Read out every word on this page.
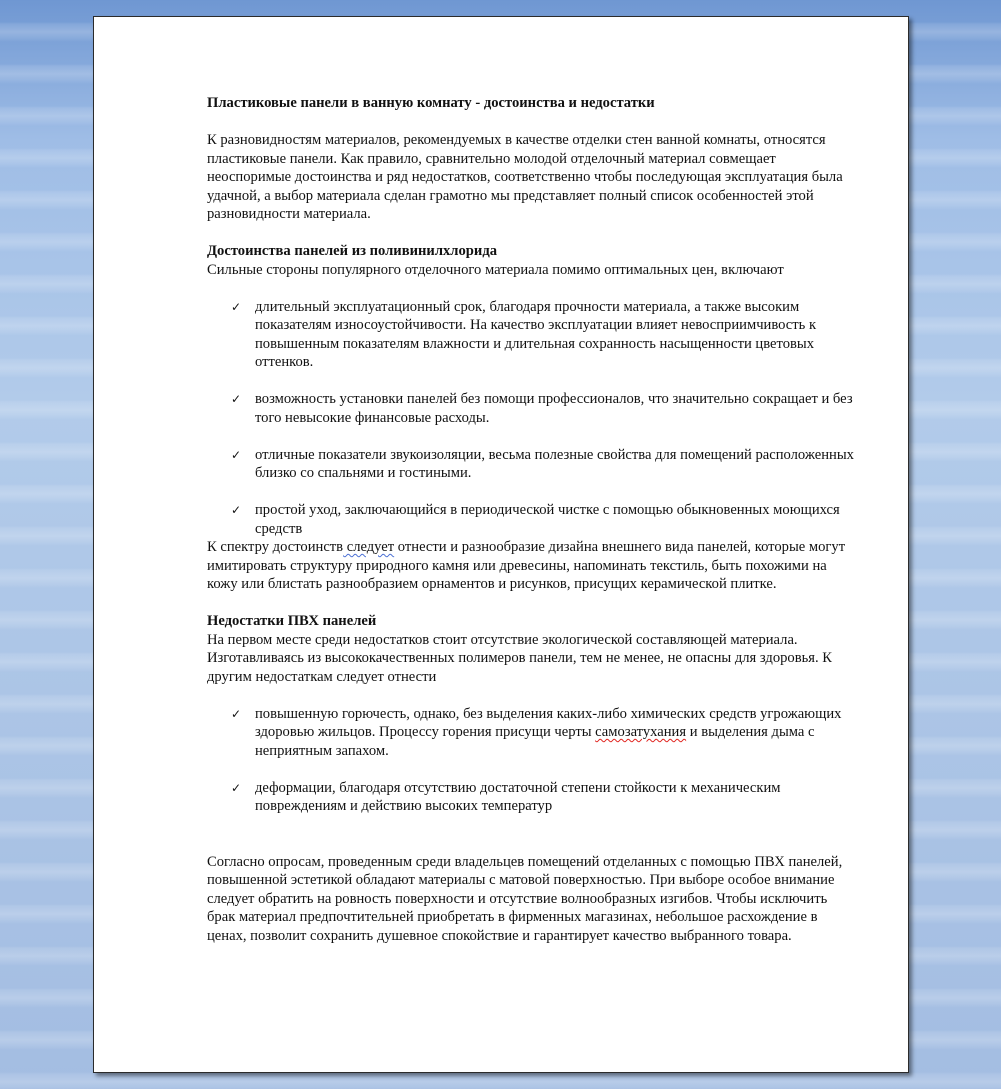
Пластиковые панели в ванную комнату - достоинства и недостатки

К разновидностям материалов, рекомендуемых в качестве отделки стен ванной комнаты, относятся пластиковые панели. Как правило, сравнительно молодой отделочный материал совмещает неоспоримые достоинства и ряд недостатков, соответственно чтобы последующая эксплуатация была удачной, а выбор материала сделан грамотно мы представляет полный список особенностей этой разновидности материала.

Достоинства панелей из поливинилхлорида

Сильные стороны популярного отделочного материала помимо оптимальных цен, включают

✓ длительный эксплуатационный срок, благодаря прочности материала, а также высоким показателям износоустойчивости. На качество эксплуатации влияет невосприимчивость к повышенным показателям влажности и длительная сохранность насыщенности цветовых оттенков.
✓ возможность установки панелей без помощи профессионалов, что значительно сокращает и без того невысокие финансовые расходы.
✓ отличные показатели звукоизоляции, весьма полезные свойства для помещений расположенных близко со спальнями и гостиными.
✓ простой уход, заключающийся в периодической чистке с помощью обыкновенных моющихся средств

К спектру достоинств следует отнести и разнообразие дизайна внешнего вида панелей, которые могут имитировать структуру природного камня или древесины, напоминать текстиль, быть похожими на кожу или блистать разнообразием орнаментов и рисунков, присущих керамической плитке.

Недостатки ПВХ панелей

На первом месте среди недостатков стоит отсутствие экологической составляющей материала. Изготавливаясь из высококачественных полимеров панели, тем не менее, не опасны для здоровья. К другим недостаткам следует отнести

✓ повышенную горючесть, однако, без выделения каких-либо химических средств угрожающих здоровью жильцов. Процессу горения присущи черты самозатухания и выделения дыма с неприятным запахом.
✓ деформации, благодаря отсутствию достаточной степени стойкости к механическим повреждениям и действию высоких температур

Согласно опросам, проведенным среди владельцев помещений отделанных с помощью ПВХ панелей, повышенной эстетикой обладают материалы с матовой поверхностью. При выборе особое внимание следует обратить на ровность поверхности и отсутствие волнообразных изгибов. Чтобы исключить брак материал предпочтительней приобретать в фирменных магазинах, небольшое расхождение в ценах, позволит сохранить душевное спокойствие и гарантирует качество выбранного товара.
